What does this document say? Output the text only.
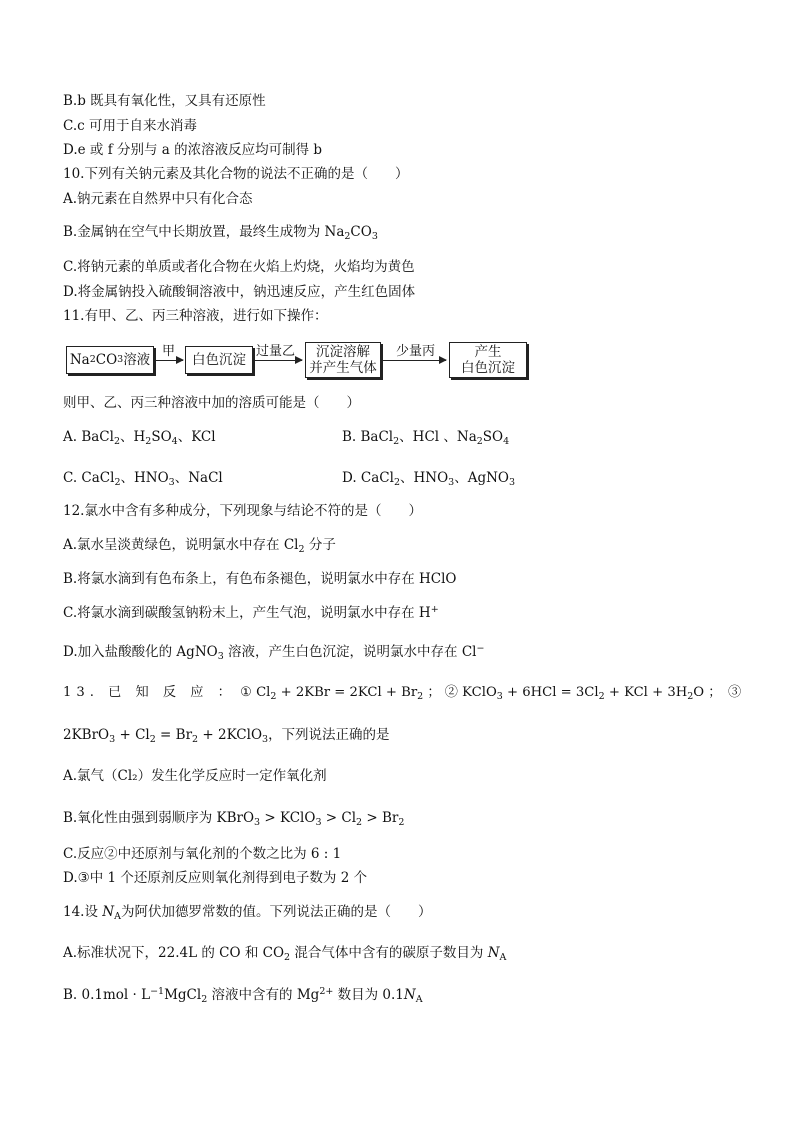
B.b 既具有氧化性，又具有还原性
C.c 可用于自来水消毒
D.e 或 f 分别与 a 的浓溶液反应均可制得 b
10.下列有关钠元素及其化合物的说法不正确的是（　　）
A.钠元素在自然界中只有化合态
B.金属钠在空气中长期放置，最终生成物为 $Na_2CO_3$
C.将钠元素的单质或者化合物在火焰上灼烧，火焰均为黄色
D.将金属钠投入硫酸铜溶液中，钠迅速反应，产生红色固体
11.有甲、乙、丙三种溶液，进行如下操作：
Na 2 CO 3 溶液
甲
白色沉淀
过量乙 沉淀溶解
并产生气体
少量丙	产生
白色沉淀
则甲、乙、丙三种溶液中加的溶质可能是（　　）
A. BaCl$_2$、$H_2SO_4$、KCl	B. BaCl$_2$、HCl 、$Na_2SO_4$
C. CaCl$_2$、$HNO_3$、NaCl	D. CaCl$_2$、$HNO_3$、AgNO$_3$
12.氯水中含有多种成分，下列现象与结论不符的是（　　）
A.氯水呈淡黄绿色，说明氯水中存在 $Cl_2$ 分子
B.将氯水滴到有色布条上，有色布条褪色，说明氯水中存在 HClO
C.将氯水滴到碳酸氢钠粉末上，产生气泡，说明氯水中存在 H+
D.加入盐酸酸化的 AgNO$_3$ 溶液，产生白色沉淀，说明氯水中存在 Cl−
13. 已 知 反 应 ： ① $Cl_2 + 2KBr = 2KCl + Br_2$ ； ② KClO$_3$ + $6HCl = 3Cl_2$ + KCl + $3H_2O$ ；　③
2KBrO$_3$ + $Cl_2 = Br_2$ + 2KClO$_3$，下列说法正确的是
A.氯气（Cl₂）发生化学反应时一定作氧化剂
B.氧化性由强到弱顺序为 KBrO$_3$ > KClO$_3$ > $Cl_2 > Br_2$
C.反应②中还原剂与氧化剂的个数之比为 6 : 1
D.③中 1 个还原剂反应则氧化剂得到电子数为 2 个
14.设 $N_A$为阿伏加德罗常数的值。下列说法正确的是（　　）
A.标准状况下，22.4L 的 CO 和 $CO_2$ 混合气体中含有的碳原子数目为 $N_A$
B. $0.1mol \cdot L^{-1}MgCl_2$ 溶液中含有的 $Mg^{2+}$ 数目为 $0.1N_A$
